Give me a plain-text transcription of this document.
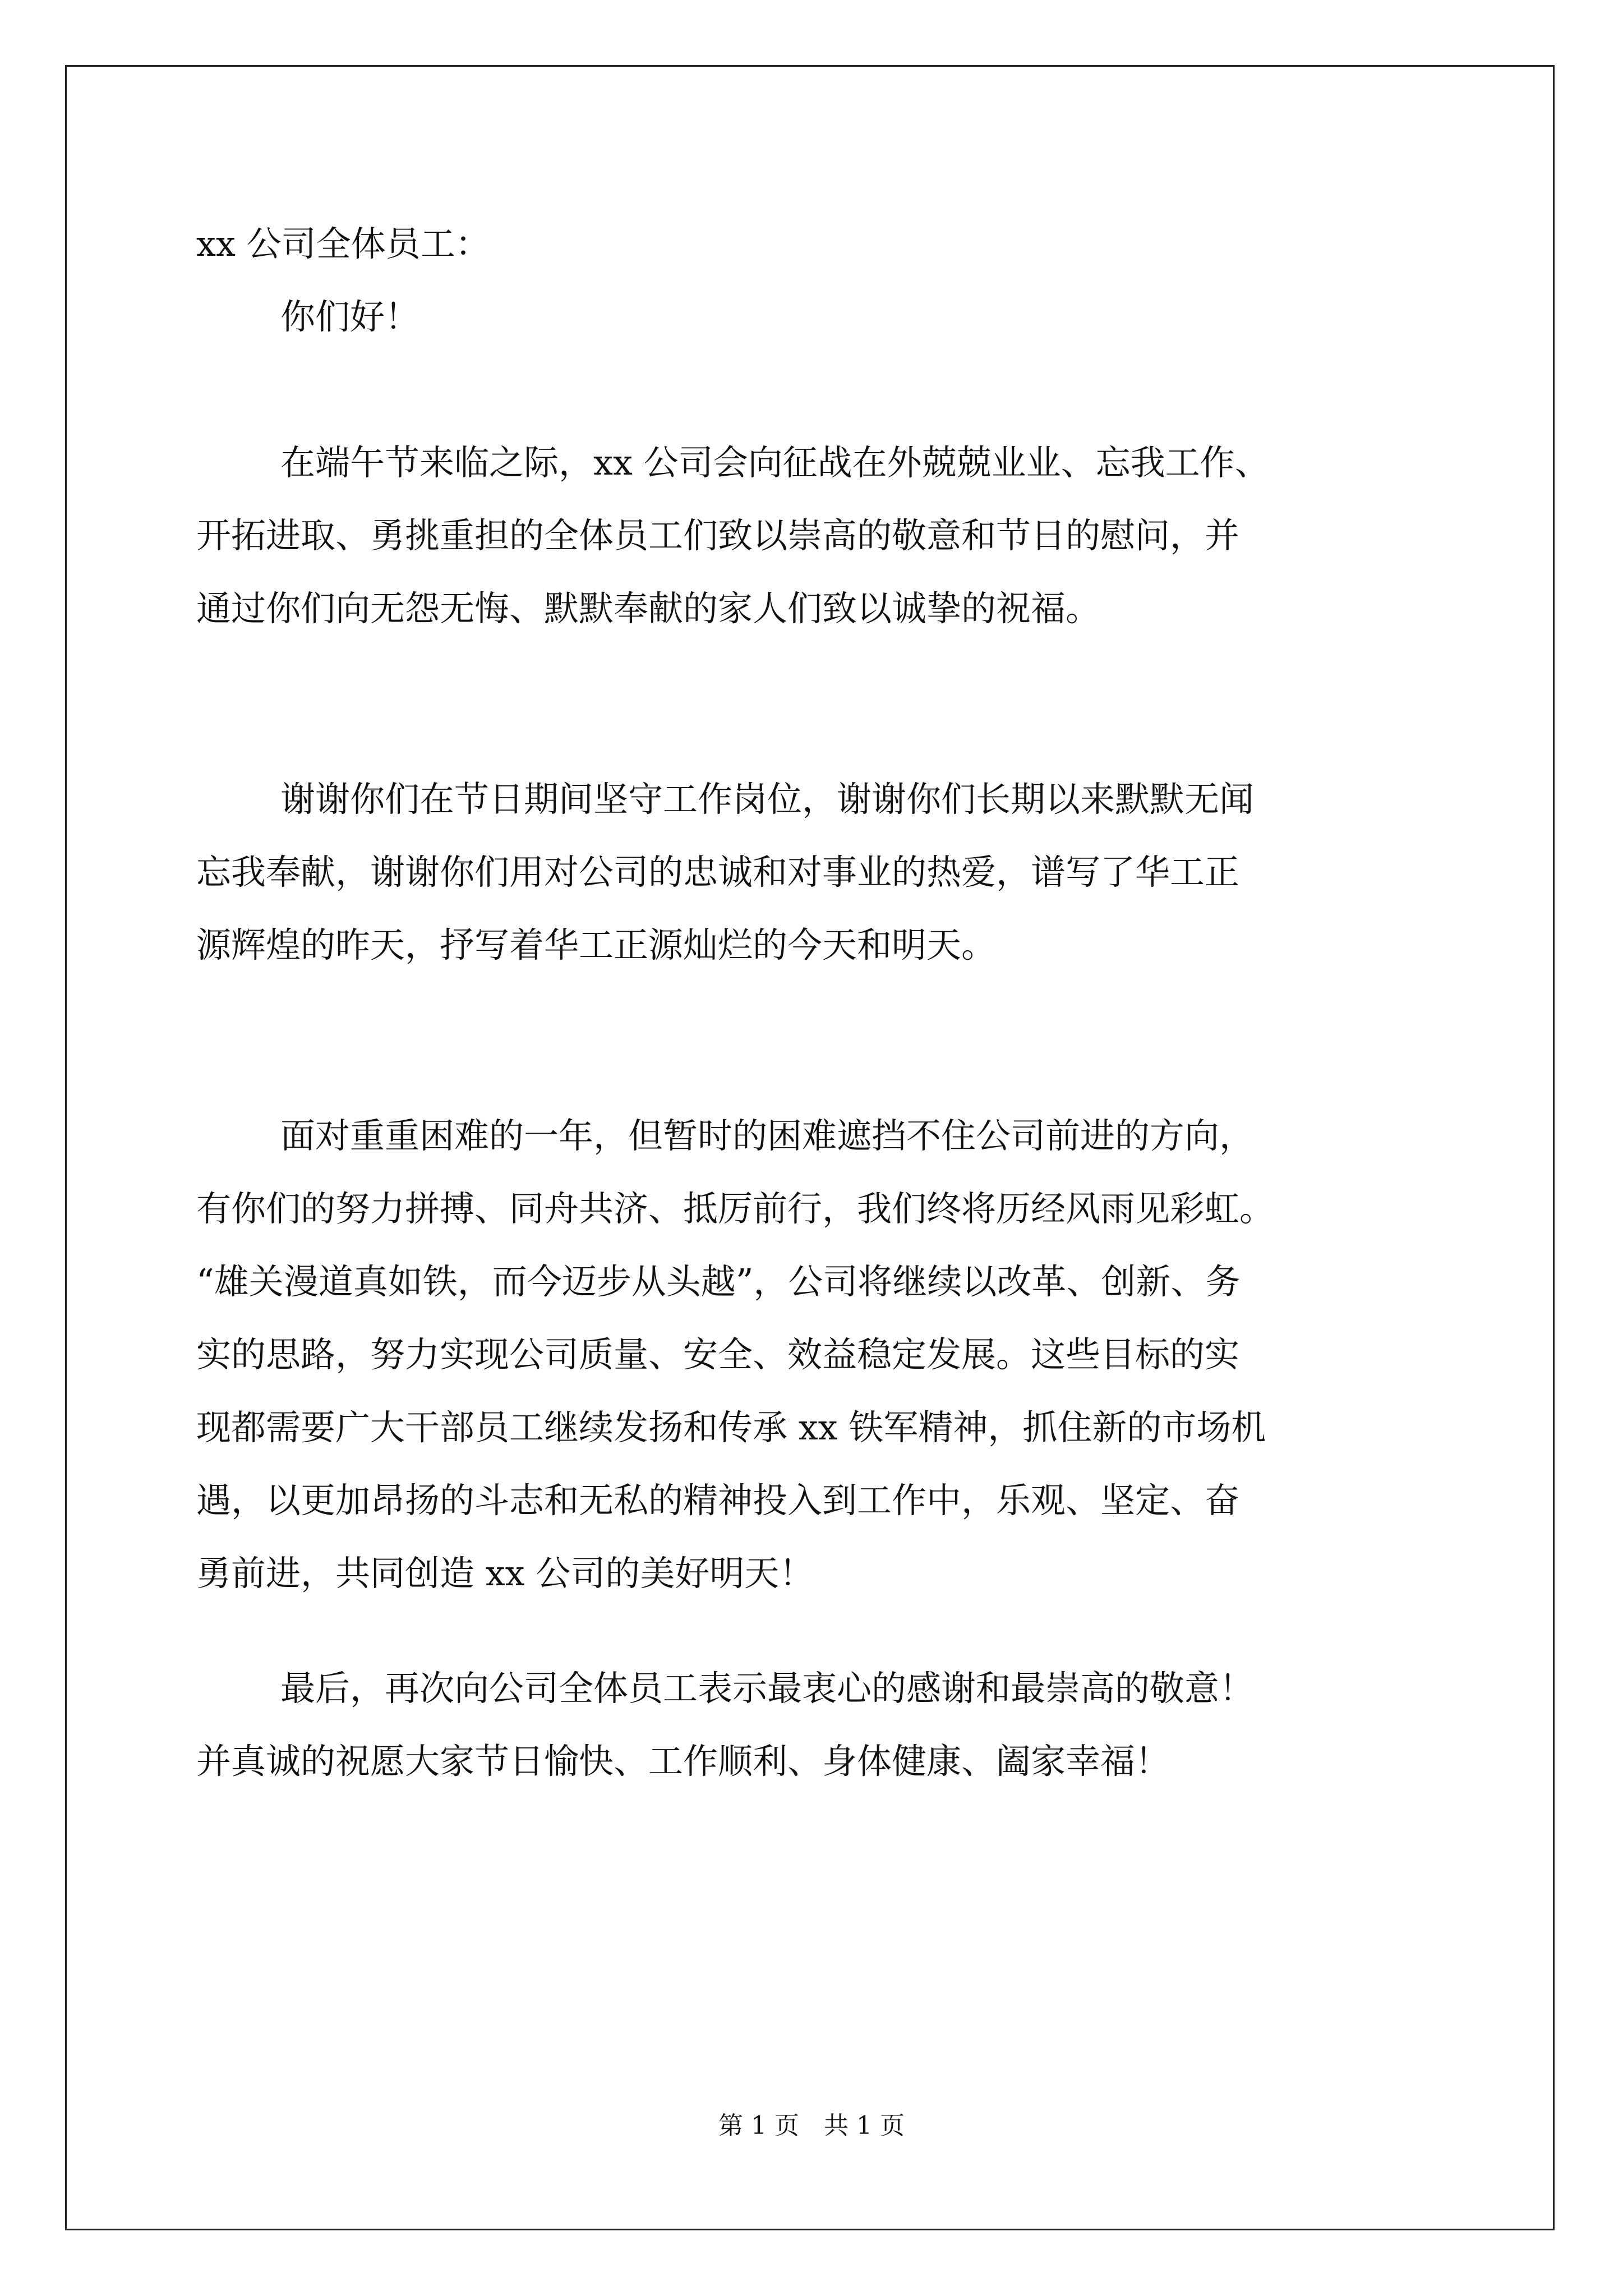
xx 公司全体员工：
你们好！
在端午节来临之际，xx 公司会向征战在外兢兢业业、忘我工作、
开拓进取、勇挑重担的全体员工们致以崇高的敬意和节日的慰问，并
通过你们向无怨无悔、默默奉献的家人们致以诚挚的祝福。
谢谢你们在节日期间坚守工作岗位，谢谢你们长期以来默默无闻
忘我奉献，谢谢你们用对公司的忠诚和对事业的热爱，谱写了华工正
源辉煌的昨天，抒写着华工正源灿烂的今天和明天。
面对重重困难的一年，但暂时的困难遮挡不住公司前进的方向，
有你们的努力拼搏、同舟共济、抵厉前行，我们终将历经风雨见彩虹。
“雄关漫道真如铁，而今迈步从头越”，公司将继续以改革、创新、务
实的思路，努力实现公司质量、安全、效益稳定发展。这些目标的实
现都需要广大干部员工继续发扬和传承 xx 铁军精神，抓住新的市场机
遇，以更加昂扬的斗志和无私的精神投入到工作中，乐观、坚定、奋
勇前进，共同创造 xx 公司的美好明天！
最后，再次向公司全体员工表示最衷心的感谢和最崇高的敬意！
并真诚的祝愿大家节日愉快、工作顺利、身体健康、阖家幸福！
第 1 页 共 1 页
